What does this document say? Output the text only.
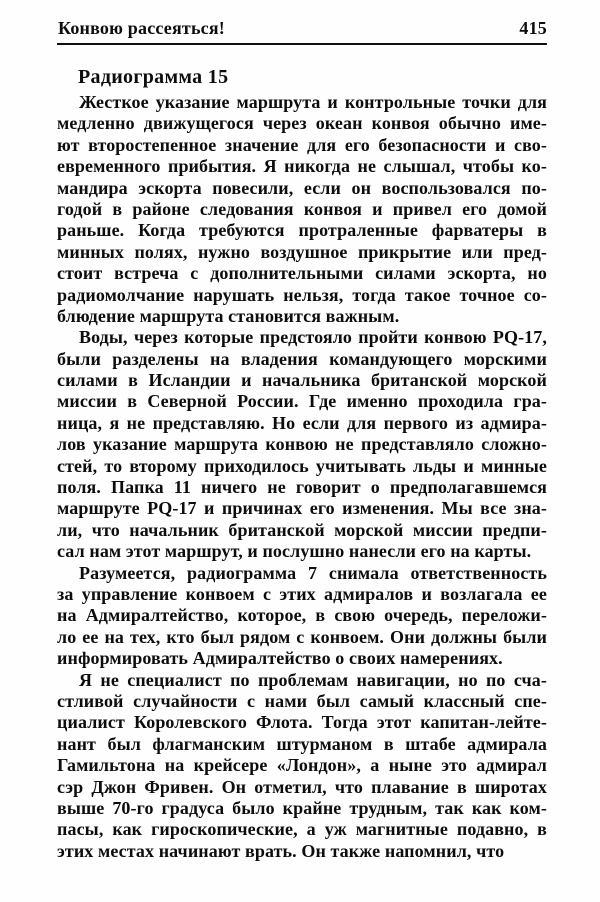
Конвою рассеяться!	415
Радиограмма 15
Жесткое указание маршрута и контрольные точки для
медленно движущегося через океан конвоя обычно име-
ют второстепенное значение для его безопасности и сво-
евременного прибытия. Я никогда не слышал, чтобы ко-
мандира эскорта повесили, если он воспользовался по-
годой в районе следования конвоя и привел его домой
раньше. Когда требуются протраленные фарватеры в
минных полях, нужно воздушное прикрытие или пред-
стоит встреча с дополнительными силами эскорта, но
радиомолчание нарушать нельзя, тогда такое точное со-
блюдение маршрута становится важным.
Воды, через которые предстояло пройти конвою PQ-17,
были разделены на владения командующего морскими
силами в Исландии и начальника британской морской
миссии в Северной России. Где именно проходила гра-
ница, я не представляю. Но если для первого из адмира-
лов указание маршрута конвою не представляло сложно-
стей, то второму приходилось учитывать льды и минные
поля. Папка 11 ничего не говорит о предполагавшемся
маршруте PQ-17 и причинах его изменения. Мы все зна-
ли, что начальник британской морской миссии предпи-
сал нам этот маршрут, и послушно нанесли его на карты.
Разумеется, радиограмма 7 снимала ответственность
за управление конвоем с этих адмиралов и возлагала ее
на Адмиралтейство, которое, в свою очередь, переложи-
ло ее на тех, кто был рядом с конвоем. Они должны были
информировать Адмиралтейство о своих намерениях.
Я не специалист по проблемам навигации, но по сча-
стливой случайности с нами был самый классный спе-
циалист Королевского Флота. Тогда этот капитан-лейте-
нант был флагманским штурманом в штабе адмирала
Гамильтона на крейсере «Лондон», а ныне это адмирал
сэр Джон Фривен. Он отметил, что плавание в широтах
выше 70-го градуса было крайне трудным, так как ком-
пасы, как гироскопические, а уж магнитные подавно, в
этих местах начинают врать. Он также напомнил, что
